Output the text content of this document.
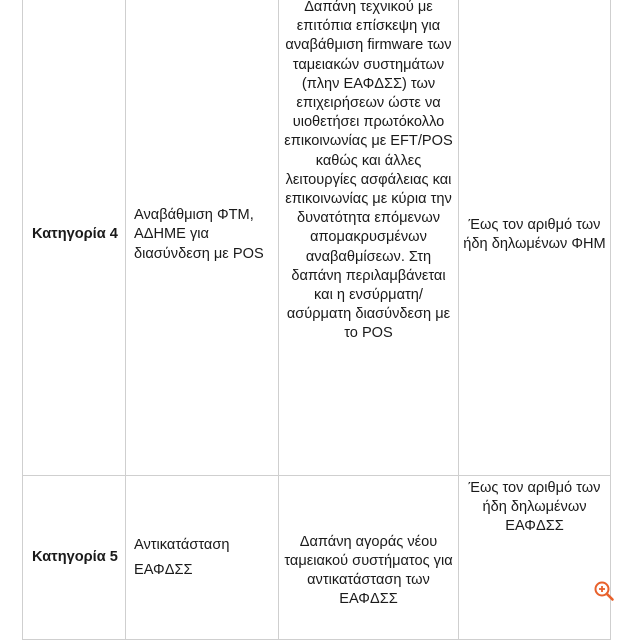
Κατηγορία 4	Αναβάθμιση ΦΤΜ, ΑΔΗΜΕ για διασύνδεση με POS	Δαπάνη τεχνικού με επιτόπια επίσκεψη για αναβάθμιση firmware των ταμειακών συστημάτων (πλην ΕΑΦΔΣΣ) των επιχειρήσεων ώστε να υιοθετήσει πρωτόκολλο επικοινωνίας με EFT/POS καθώς και άλλες λειτουργίες ασφάλειας και επικοινωνίας με κύρια την δυνατότητα επόμενων απομακρυσμένων αναβαθμίσεων. Στη δαπάνη περιλαμβάνεται και η ενσύρματη/ασύρματη διασύνδεση με το POS	Έως τον αριθμό των ήδη δηλωμένων ΦΗΜ
Κατηγορία 5	Αντικατάσταση ΕΑΦΔΣΣ	Δαπάνη αγοράς νέου ταμειακού συστήματος για αντικατάσταση των ΕΑΦΔΣΣ	Έως τον αριθμό των ήδη δηλωμένων ΕΑΦΔΣΣ
